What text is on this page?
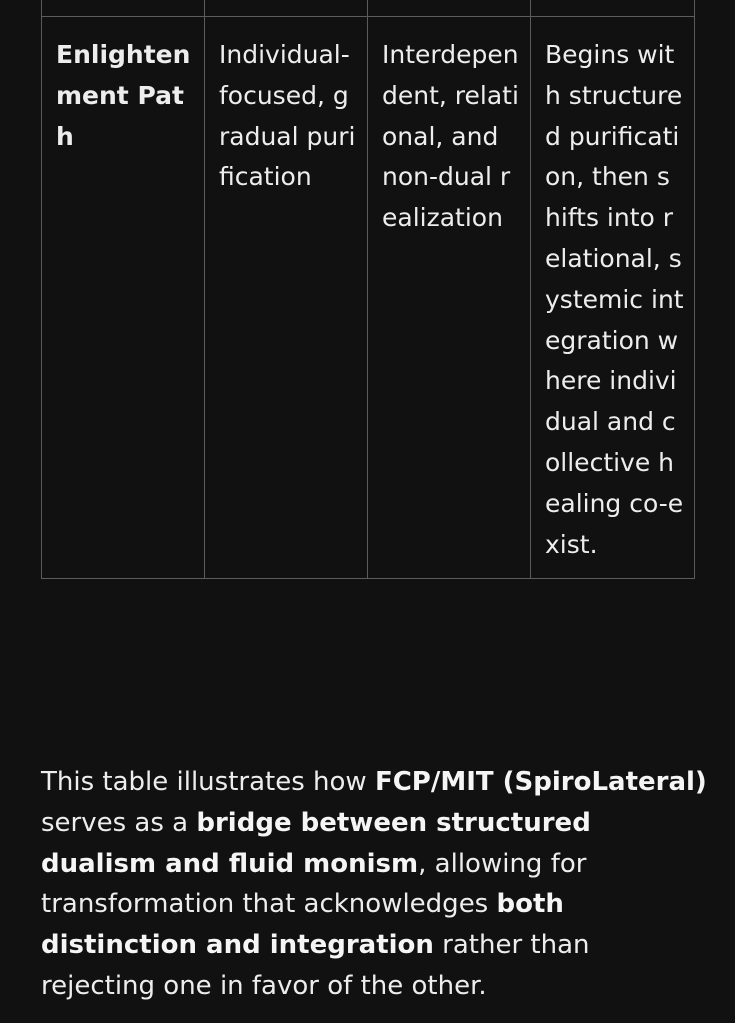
Enlighten ment Path	Individual-focused, gradual purification	Interdependent, relational, and non-dual realization	Begins with structured purification, then shifts into relational, systemic integration where individual and collective healing co-exist.

This table illustrates how FCP/MIT (SpiroLateral) serves as a bridge between structured dualism and fluid monism, allowing for transformation that acknowledges both distinction and integration rather than rejecting one in favor of the other.
